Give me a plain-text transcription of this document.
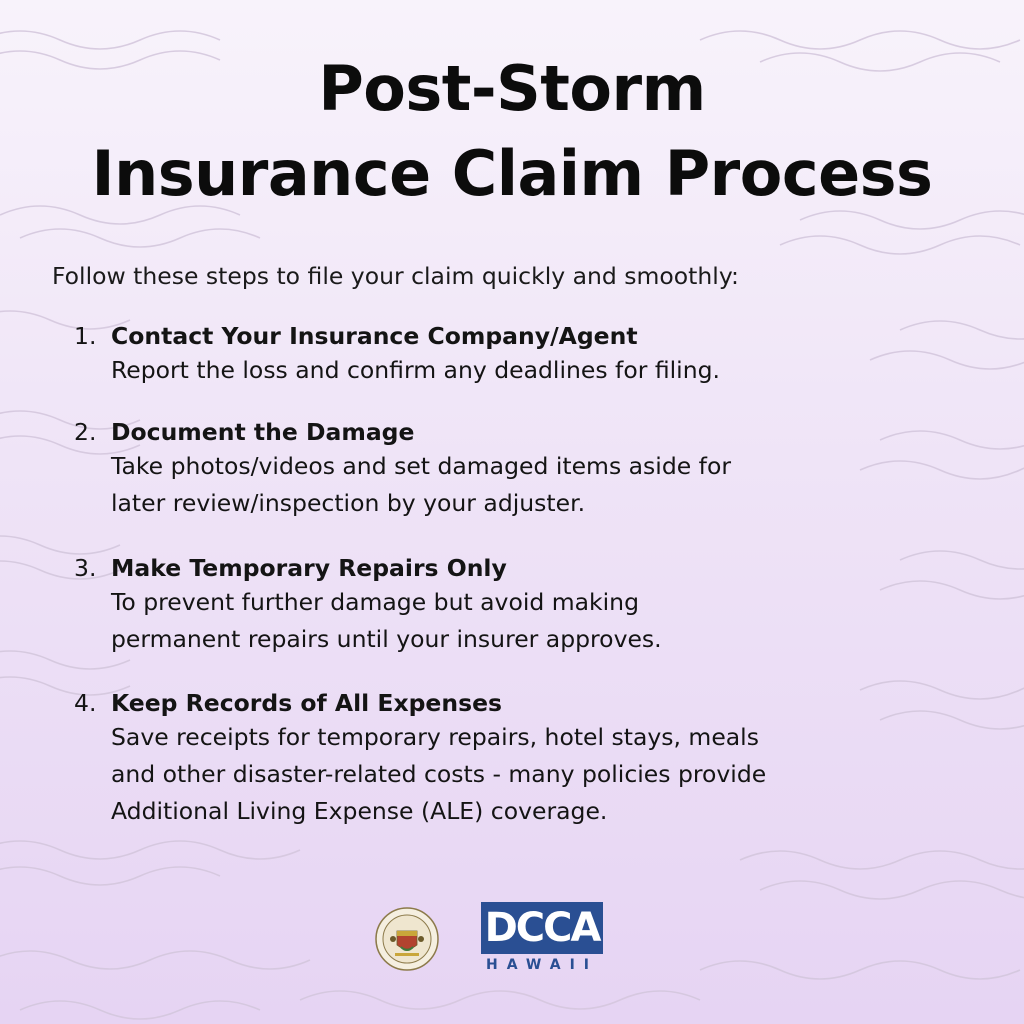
Post-Storm
Insurance Claim Process

Follow these steps to file your claim quickly and smoothly:

1. Contact Your Insurance Company/Agent
Report the loss and confirm any deadlines for filing.
2. Document the Damage
Take photos/videos and set damaged items aside for
later review/inspection by your adjuster.
3. Make Temporary Repairs Only
To prevent further damage but avoid making
permanent repairs until your insurer approves.
4. Keep Records of All Expenses
Save receipts for temporary repairs, hotel stays, meals
and other disaster-related costs - many policies provide
Additional Living Expense (ALE) coverage.
DCCA
HAWAII
